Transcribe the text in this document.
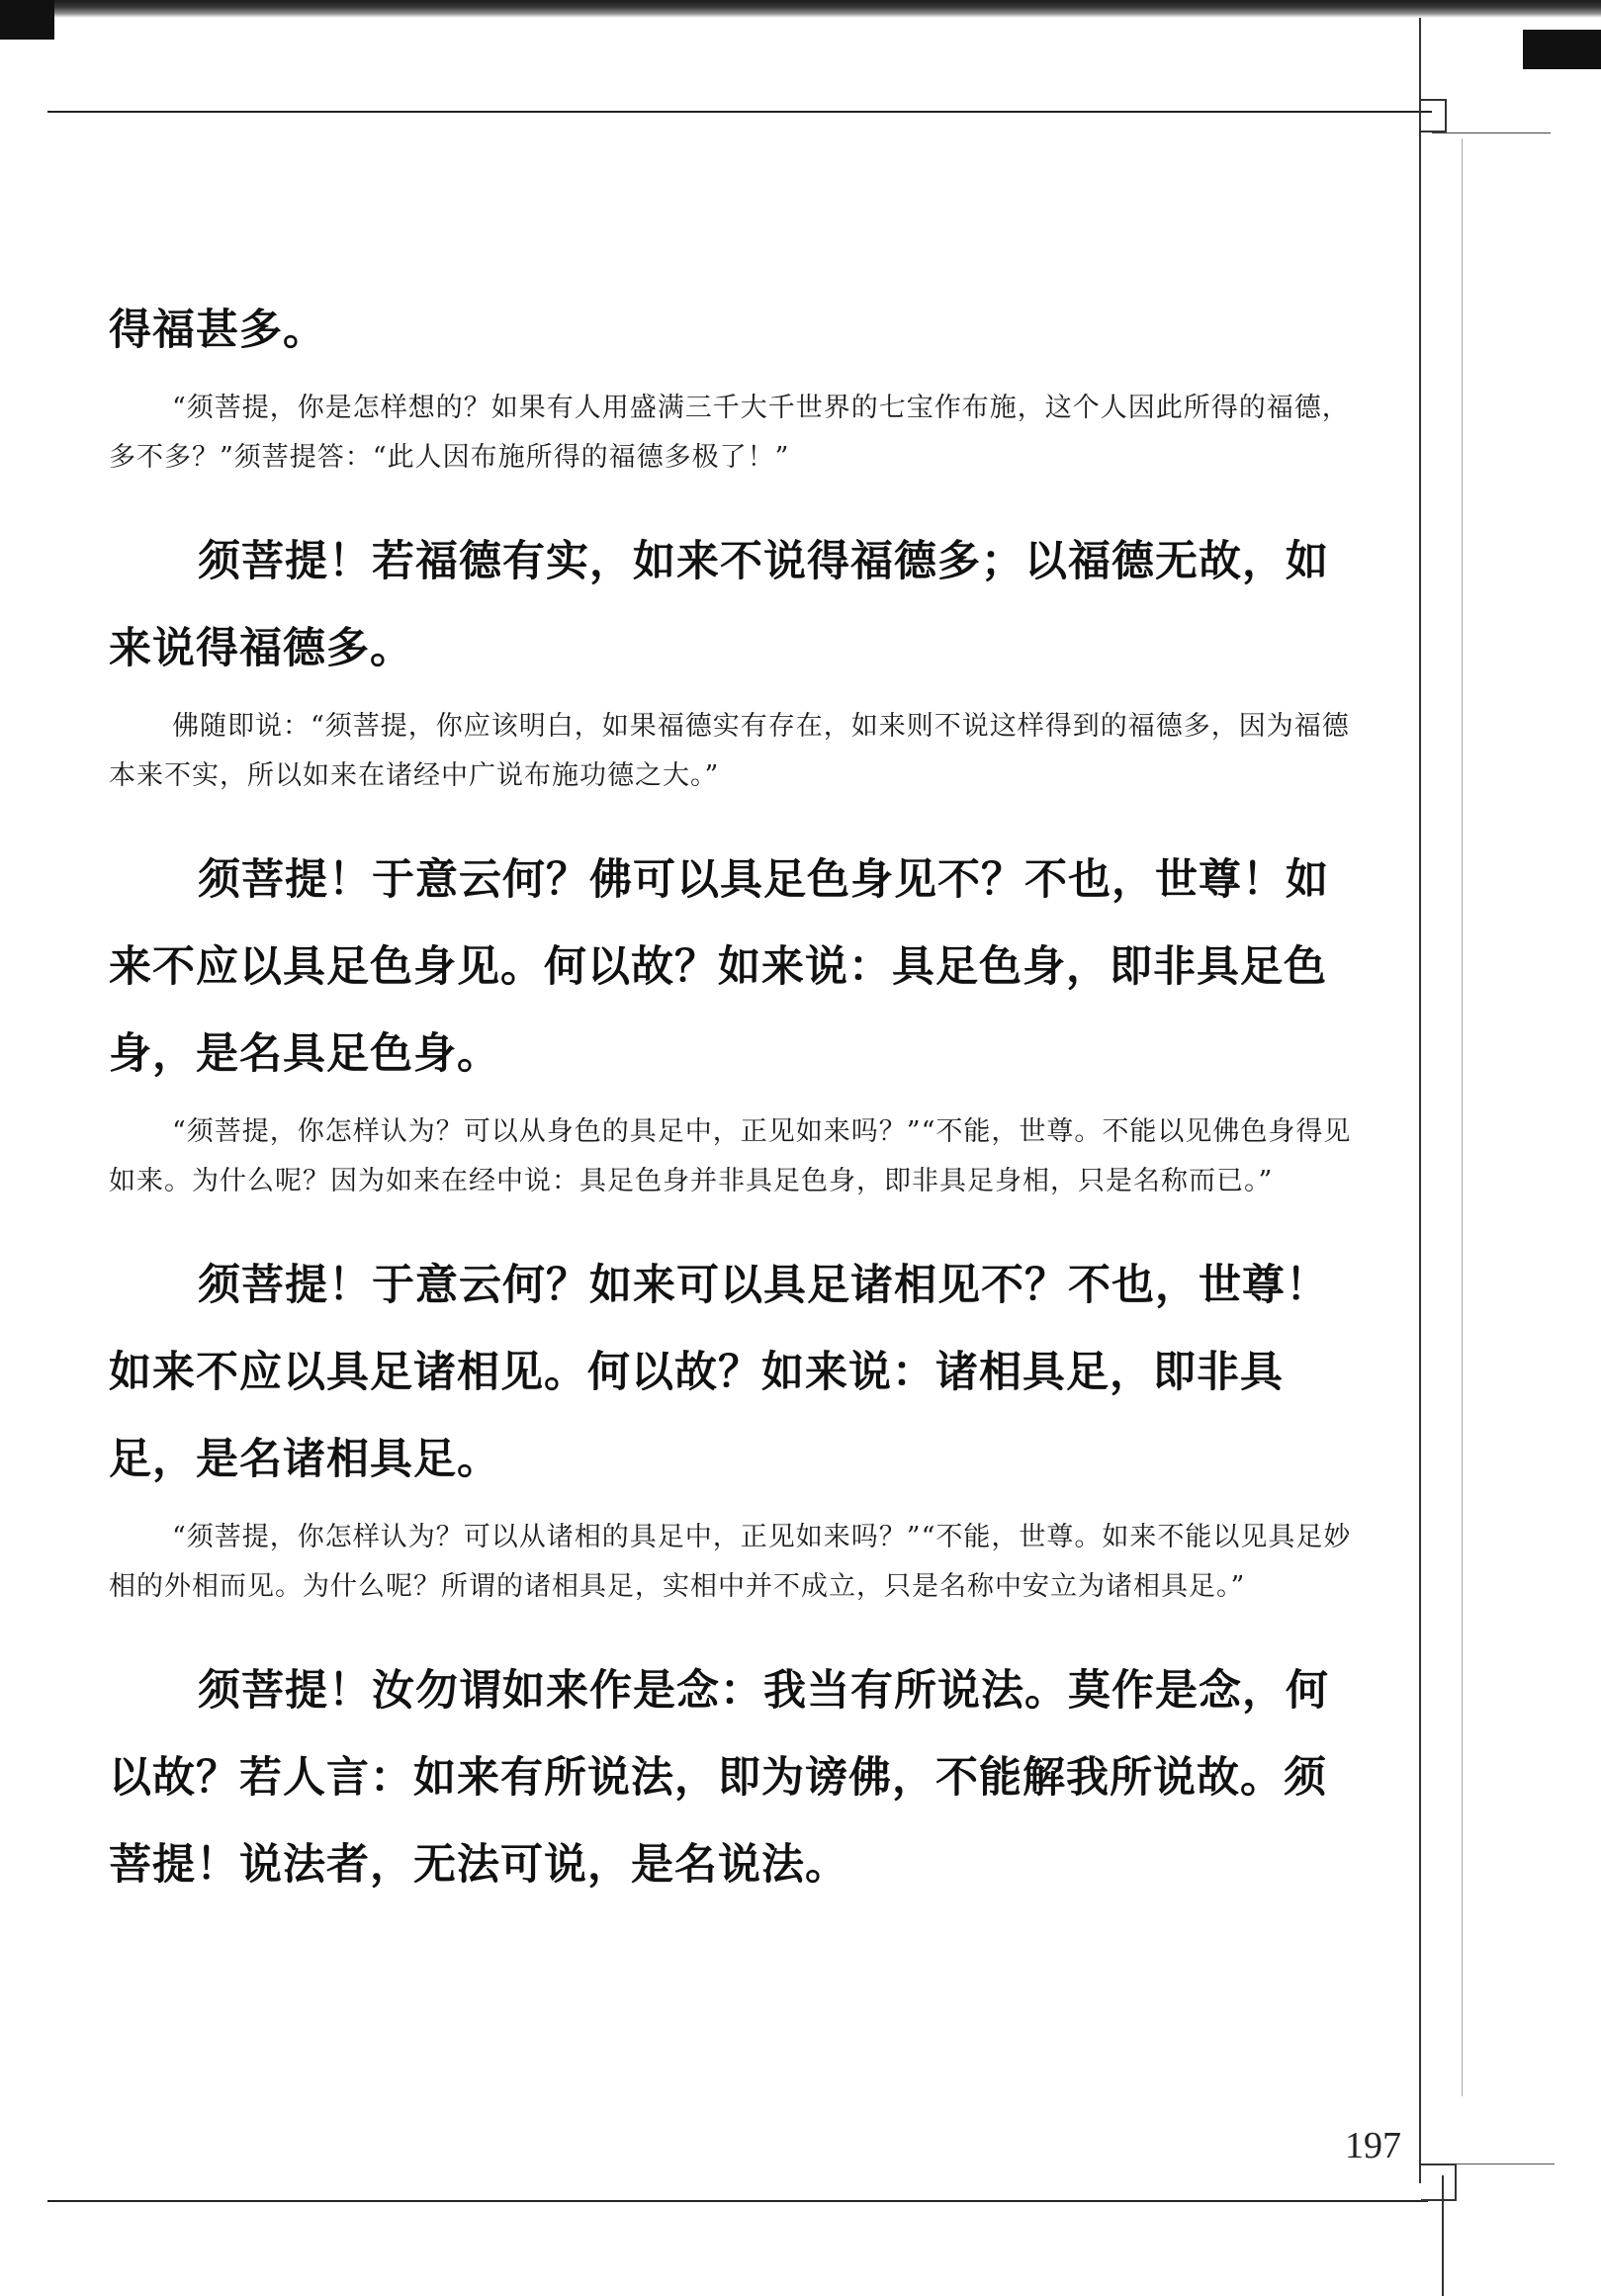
得福甚多。

“须菩提，你是怎样想的？如果有人用盛满三千大千世界的七宝作布施，这个人因此所得的福德，多不多？”须菩提答：“此人因布施所得的福德多极了！”

须菩提！若福德有实，如来不说得福德多；以福德无故，如来说得福德多。

佛随即说：“须菩提，你应该明白，如果福德实有存在，如来则不说这样得到的福德多，因为福德本来不实，所以如来在诸经中广说布施功德之大。”

须菩提！于意云何？佛可以具足色身见不？不也，世尊！如来不应以具足色身见。何以故？如来说：具足色身，即非具足色身，是名具足色身。

“须菩提，你怎样认为？可以从身色的具足中，正见如来吗？”“不能，世尊。不能以见佛色身得见如来。为什么呢？因为如来在经中说：具足色身并非具足色身，即非具足身相，只是名称而已。”

须菩提！于意云何？如来可以具足诸相见不？不也，世尊！如来不应以具足诸相见。何以故？如来说：诸相具足，即非具足，是名诸相具足。

“须菩提，你怎样认为？可以从诸相的具足中，正见如来吗？”“不能，世尊。如来不能以见具足妙相的外相而见。为什么呢？所谓的诸相具足，实相中并不成立，只是名称中安立为诸相具足。”

须菩提！汝勿谓如来作是念：我当有所说法。莫作是念，何以故？若人言：如来有所说法，即为谤佛，不能解我所说故。须菩提！说法者，无法可说，是名说法。

197
